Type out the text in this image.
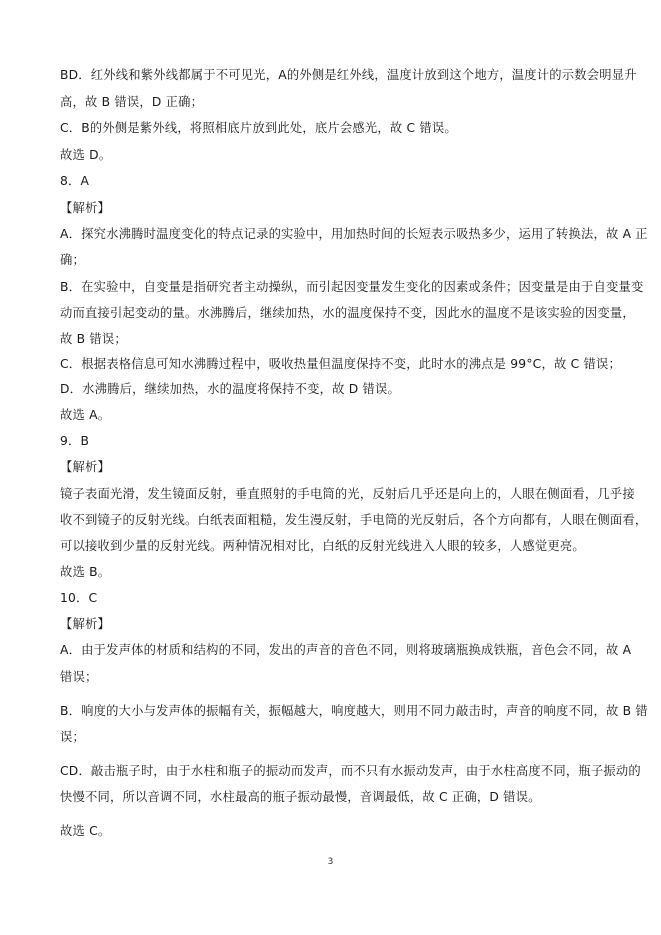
BD．红外线和紫外线都属于不可见光，A的外侧是红外线，温度计放到这个地方，温度计的示数会明显升
高，故 B 错误，D 正确；
C．B的外侧是紫外线，将照相底片放到此处，底片会感光，故 C 错误。
故选 D。
8．A
【解析】
A．探究水沸腾时温度变化的特点记录的实验中，用加热时间的长短表示吸热多少，运用了转换法，故 A 正
确；
B．在实验中，自变量是指研究者主动操纵，而引起因变量发生变化的因素或条件；因变量是由于自变量变
动而直接引起变动的量。水沸腾后，继续加热，水的温度保持不变，因此水的温度不是该实验的因变量，
故 B 错误；
C．根据表格信息可知水沸腾过程中，吸收热量但温度保持不变，此时水的沸点是 99°C，故 C 错误；
D．水沸腾后，继续加热，水的温度将保持不变，故 D 错误。
故选 A。
9．B
【解析】
镜子表面光滑，发生镜面反射，垂直照射的手电筒的光，反射后几乎还是向上的，人眼在侧面看，几乎接
收不到镜子的反射光线。白纸表面粗糙，发生漫反射，手电筒的光反射后，各个方向都有，人眼在侧面看，
可以接收到少量的反射光线。两种情况相对比，白纸的反射光线进入人眼的较多，人感觉更亮。
故选 B。
10．C
【解析】
A．由于发声体的材质和结构的不同，发出的声音的音色不同，则将玻璃瓶换成铁瓶，音色会不同，故 A
错误；
B．响度的大小与发声体的振幅有关，振幅越大，响度越大，则用不同力敲击时，声音的响度不同，故 B 错
误；
CD．敲击瓶子时，由于水柱和瓶子的振动而发声，而不只有水振动发声，由于水柱高度不同，瓶子振动的
快慢不同，所以音调不同，水柱最高的瓶子振动最慢，音调最低，故 C 正确，D 错误。
故选 C。
3
